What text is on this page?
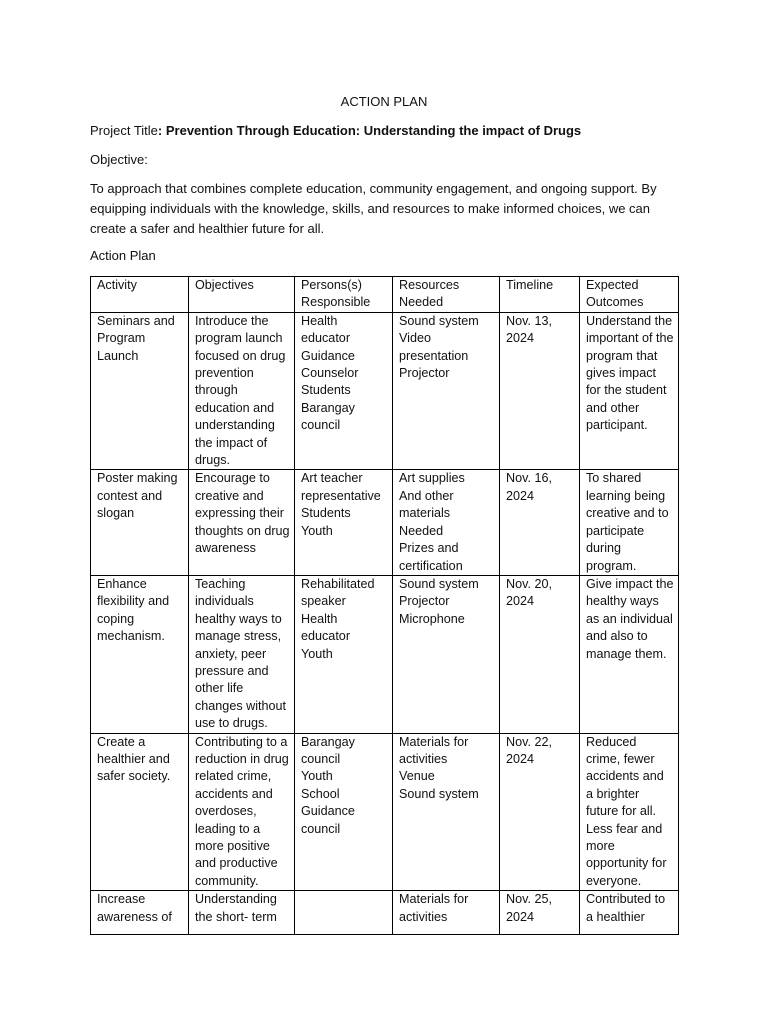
ACTION PLAN
Project Title: Prevention Through Education: Understanding the impact of Drugs
Objective:
To approach that combines complete education, community engagement, and ongoing support. By equipping individuals with the knowledge, skills, and resources to make informed choices, we can create a safer and healthier future for all.
Action Plan
Activity	Objectives	Persons(s) Responsible	Resources Needed	Timeline	Expected Outcomes
Seminars and Program Launch	Introduce the program launch focused on drug prevention through education and understanding the impact of drugs.	Health educator
Guidance Counselor
Students
Barangay council	Sound system
Video presentation
Projector	Nov. 13, 2024	Understand the important of the program that gives impact for the student and other participant.
Poster making contest and slogan	Encourage to creative and expressing their thoughts on drug awareness	Art teacher representative
Students
Youth	Art supplies
And other materials
Needed
Prizes and certification	Nov. 16, 2024	To shared learning being creative and to participate during program.
Enhance flexibility and coping mechanism.	Teaching individuals healthy ways to manage stress, anxiety, peer pressure and other life changes without use to drugs.	Rehabilitated speaker
Health educator
Youth	Sound system
Projector
Microphone	Nov. 20, 2024	Give impact the healthy ways as an individual and also to manage them.
Create a healthier and safer society.	Contributing to a reduction in drug related crime, accidents and overdoses, leading to a more positive and productive community.	Barangay council
Youth
School
Guidance council	Materials for activities
Venue
Sound system	Nov. 22, 2024	Reduced crime, fewer accidents and a brighter future for all. Less fear and more opportunity for everyone.
Increase awareness of	Understanding the short- term		Materials for activities	Nov. 25, 2024	Contributed to a healthier
